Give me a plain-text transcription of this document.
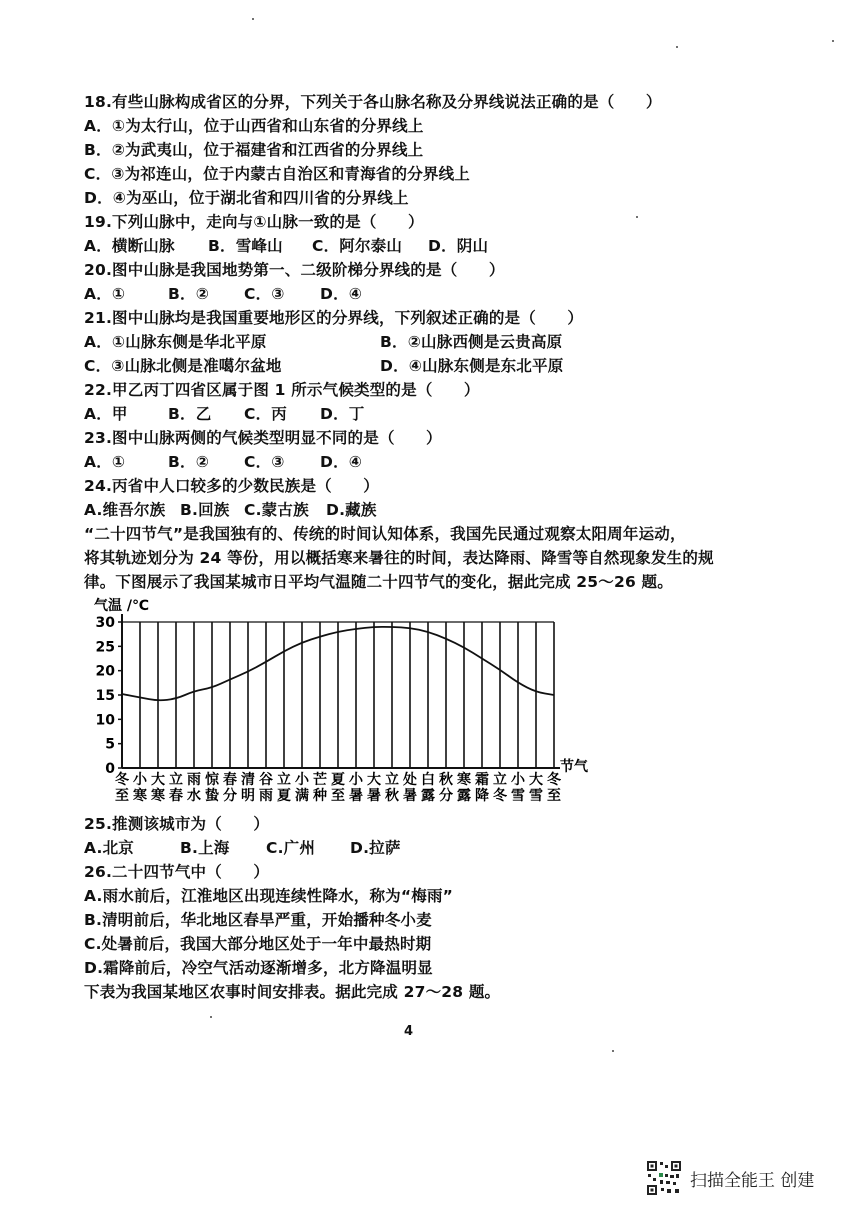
18.有些山脉构成省区的分界，下列关于各山脉名称及分界线说法正确的是（　　）
A．①为太行山，位于山西省和山东省的分界线上
B．②为武夷山，位于福建省和江西省的分界线上
C．③为祁连山，位于内蒙古自治区和青海省的分界线上
D．④为巫山，位于湖北省和四川省的分界线上
19.下列山脉中，走向与①山脉一致的是（　　）
A．横断山脉 B．雪峰山 C．阿尔泰山 D．阴山
20.图中山脉是我国地势第一、二级阶梯分界线的是（　　）
A．①	B．② C．③ D．④
21.图中山脉均是我国重要地形区的分界线，下列叙述正确的是（　　）
A．①山脉东侧是华北平原	B．②山脉西侧是云贵高原
C．③山脉北侧是准噶尔盆地	D．④山脉东侧是东北平原
22.甲乙丙丁四省区属于图 1 所示气候类型的是（　　）
A．甲	B．乙 C．丙 D．丁
23.图中山脉两侧的气候类型明显不同的是（　　）
A．①	B．② C．③ D．④
24.丙省中人口较多的少数民族是（　　）
A.维吾尔族 B.回族 C.蒙古族 D.藏族
“二十四节气”是我国独有的、传统的时间认知体系，我国先民通过观察太阳周年运动，
将其轨迹划分为 24 等份，用以概括寒来暑往的时间，表达降雨、降雪等自然现象发生的规
律。下图展示了我国某城市日平均气温随二十四节气的变化，据此完成 25～26 题。
气温 /℃
节气
0
5
10
15
20
25
30
冬
至
小
寒
大
寒
立
春
雨
水
惊
蛰
春
分
清
明
谷
雨
立
夏
小
满
芒
种
夏
至
小
暑
大
暑
立
秋
处
暑
白
露
秋
分
寒
露
霜
降
立
冬
小
雪
大
雪
冬
至
25.推测该城市为（　　）
A.北京	B.上海 C.广州 D.拉萨
26.二十四节气中（　　）
A.雨水前后，江淮地区出现连续性降水，称为“梅雨”
B.清明前后，华北地区春旱严重，开始播种冬小麦
C.处暑前后，我国大部分地区处于一年中最热时期
D.霜降前后，冷空气活动逐渐增多，北方降温明显
下表为我国某地区农事时间安排表。据此完成 27～28 题。
4
扫描全能王 创建
